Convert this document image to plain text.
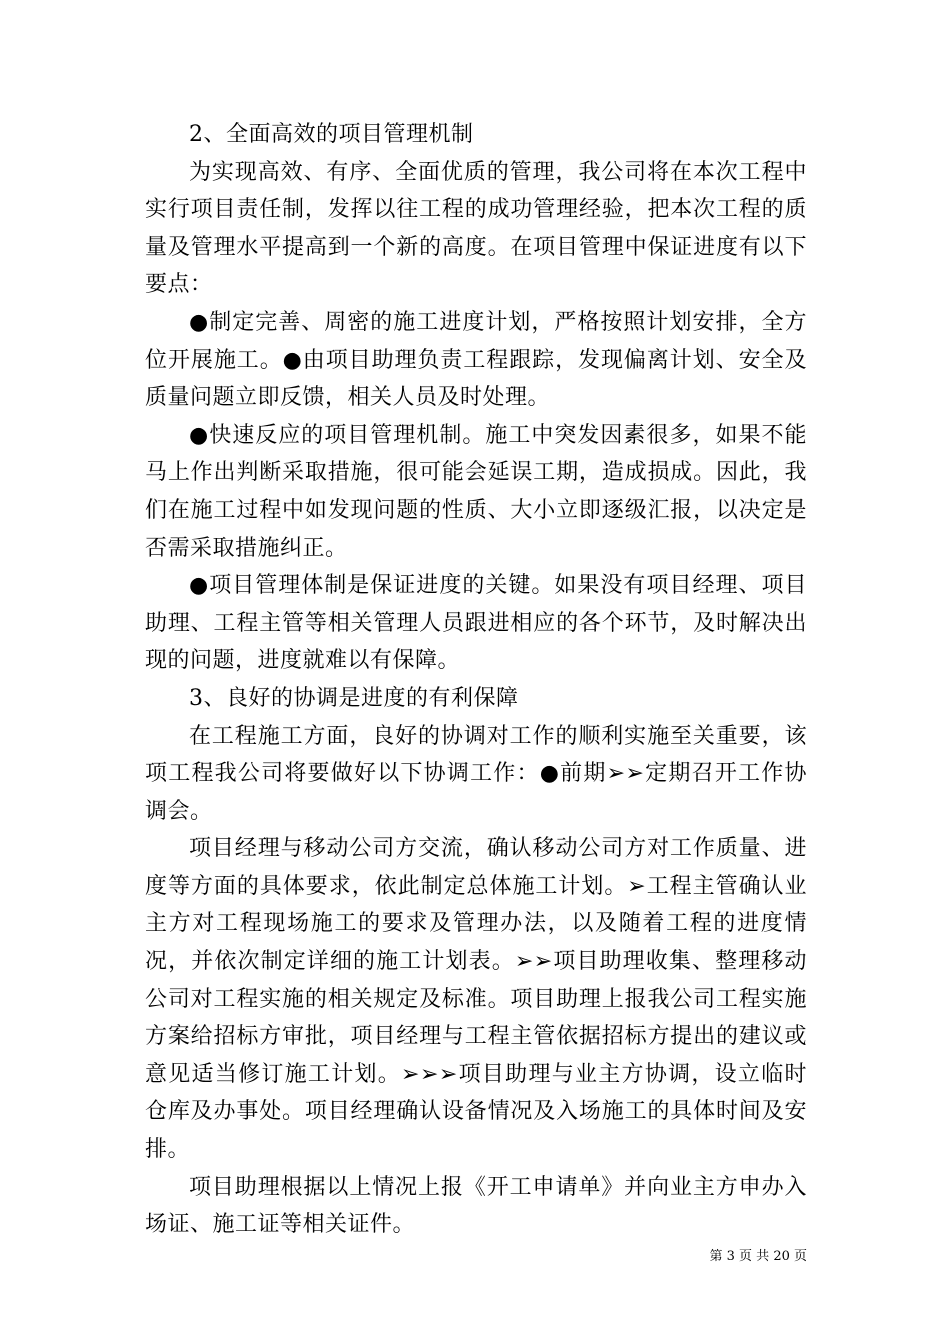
2、全面高效的项目管理机制

为实现高效、有序、全面优质的管理，我公司将在本次工程中实行项目责任制，发挥以往工程的成功管理经验，把本次工程的质量及管理水平提高到一个新的高度。在项目管理中保证进度有以下要点：

●制定完善、周密的施工进度计划，严格按照计划安排，全方位开展施工。●由项目助理负责工程跟踪，发现偏离计划、安全及质量问题立即反馈，相关人员及时处理。

●快速反应的项目管理机制。施工中突发因素很多，如果不能马上作出判断采取措施，很可能会延误工期，造成损成。因此，我们在施工过程中如发现问题的性质、大小立即逐级汇报，以决定是否需采取措施纠正。

●项目管理体制是保证进度的关键。如果没有项目经理、项目助理、工程主管等相关管理人员跟进相应的各个环节，及时解决出现的问题，进度就难以有保障。

3、良好的协调是进度的有利保障

在工程施工方面，良好的协调对工作的顺利实施至关重要，该项工程我公司将要做好以下协调工作：●前期➢➢定期召开工作协调会。

项目经理与移动公司方交流，确认移动公司方对工作质量、进度等方面的具体要求，依此制定总体施工计划。➢工程主管确认业主方对工程现场施工的要求及管理办法，以及随着工程的进度情况，并依次制定详细的施工计划表。➢➢项目助理收集、整理移动公司对工程实施的相关规定及标准。项目助理上报我公司工程实施方案给招标方审批，项目经理与工程主管依据招标方提出的建议或意见适当修订施工计划。➢➢➢项目助理与业主方协调，设立临时仓库及办事处。项目经理确认设备情况及入场施工的具体时间及安排。

项目助理根据以上情况上报《开工申请单》并向业主方申办入场证、施工证等相关证件。

第 3 页 共 20 页
